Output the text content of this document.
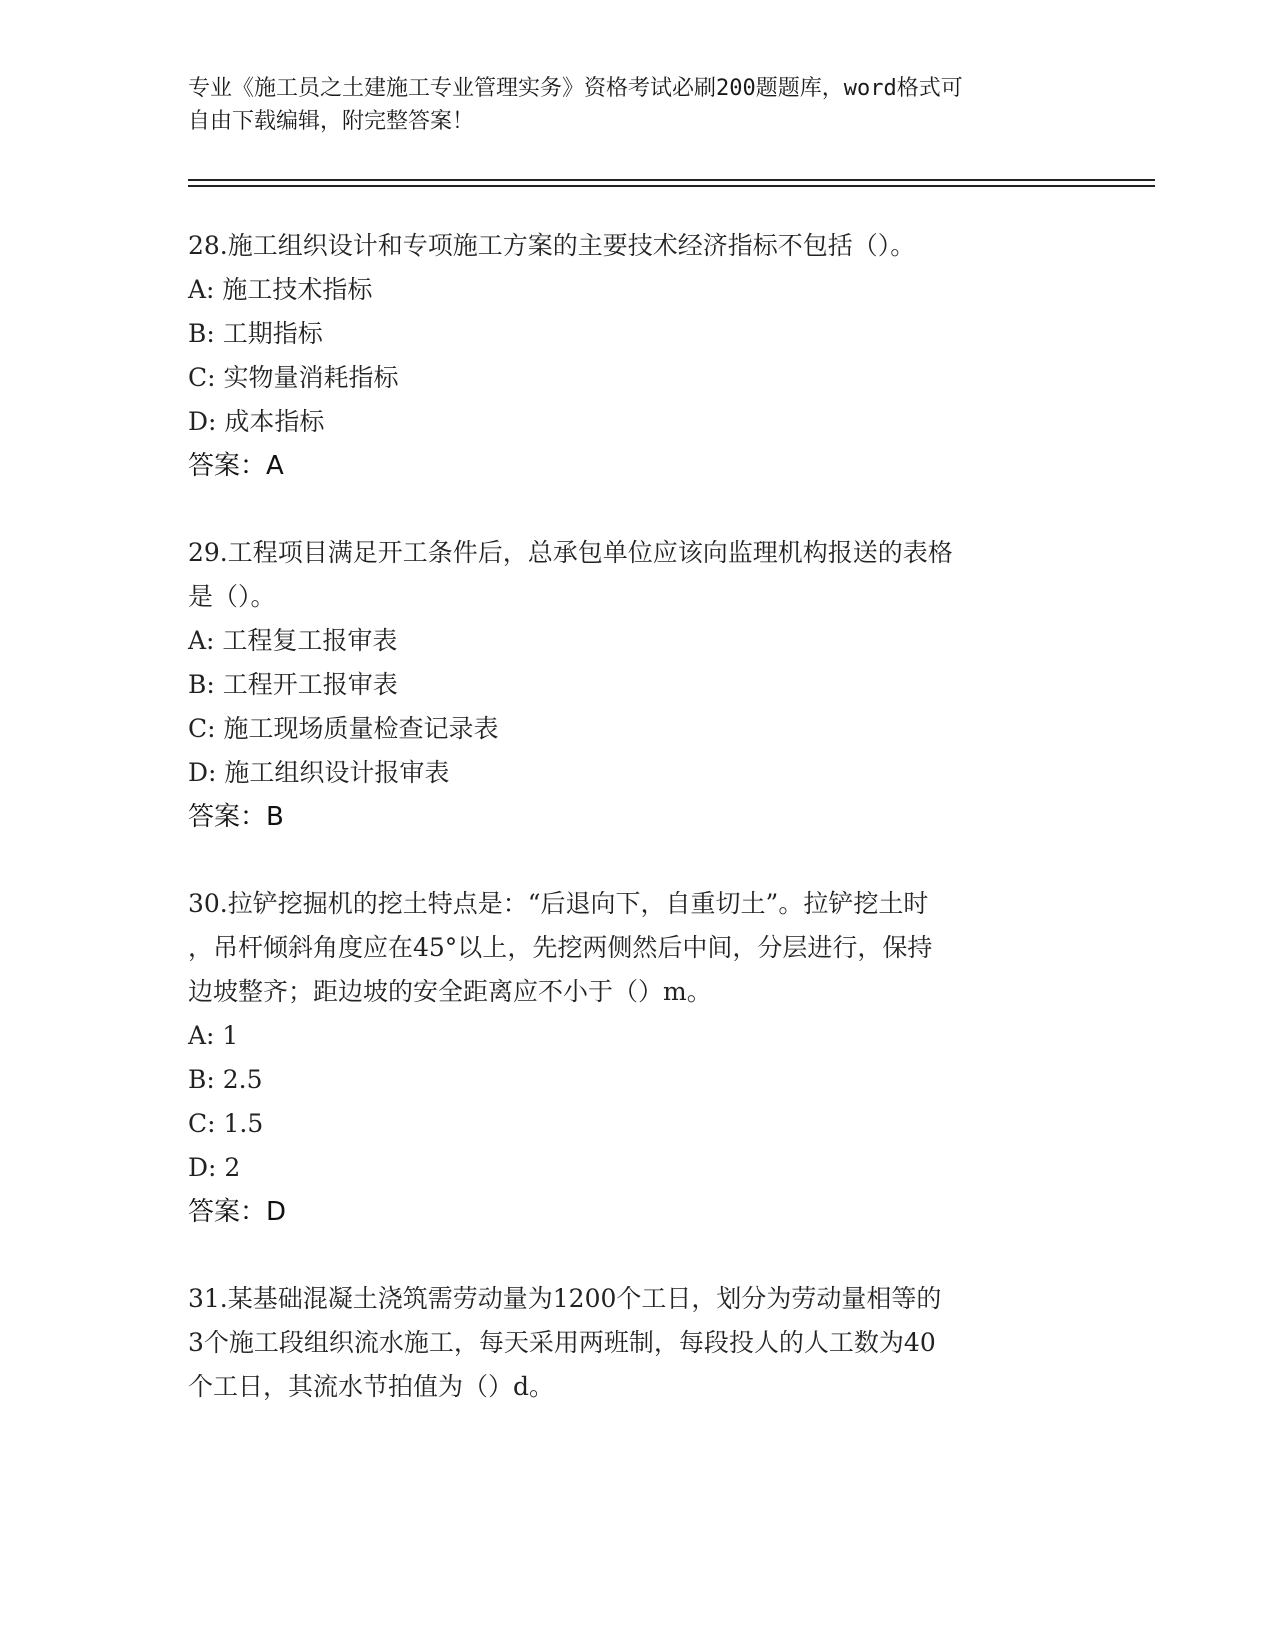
专业《施工员之土建施工专业管理实务》资格考试必刷200题题库，word格式可
自由下载编辑，附完整答案！
28.施工组织设计和专项施工方案的主要技术经济指标不包括（）。
A: 施工技术指标
B: 工期指标
C: 实物量消耗指标
D: 成本指标
答案：A
29.工程项目满足开工条件后，总承包单位应该向监理机构报送的表格
是（）。
A: 工程复工报审表
B: 工程开工报审表
C: 施工现场质量检查记录表
D: 施工组织设计报审表
答案：B
30.拉铲挖掘机的挖土特点是：“后退向下，自重切土”。拉铲挖土时
，吊杆倾斜角度应在45°以上，先挖两侧然后中间，分层进行，保持
边坡整齐；距边坡的安全距离应不小于（）m。
A: 1
B: 2.5
C: 1.5
D: 2
答案：D
31.某基础混凝土浇筑需劳动量为1200个工日，划分为劳动量相等的
3个施工段组织流水施工，每天采用两班制，每段投人的人工数为40
个工日，其流水节拍值为（）d。
